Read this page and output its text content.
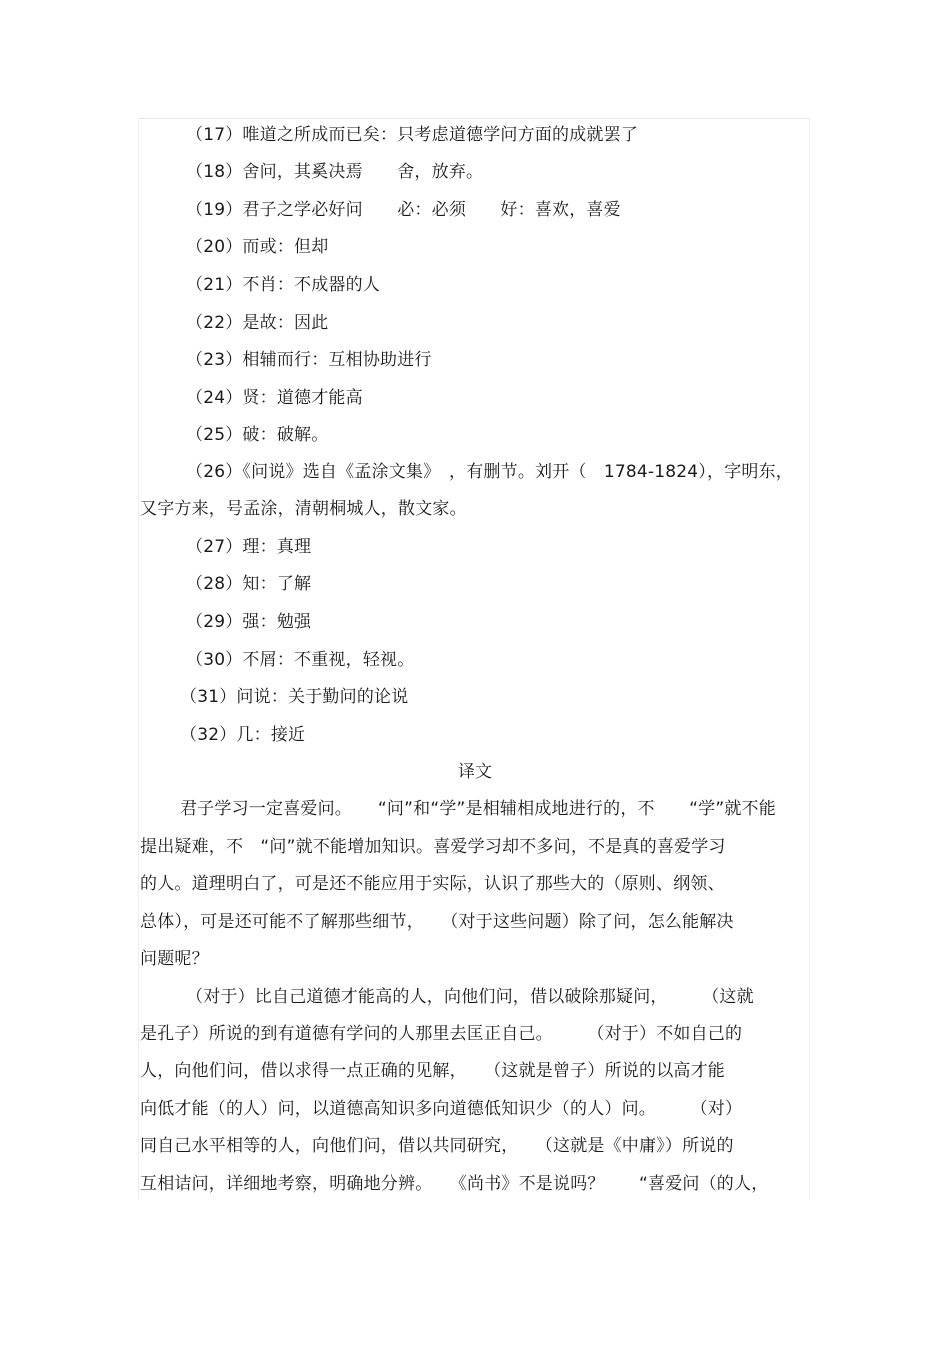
（17）唯道之所成而已矣：只考虑道德学问方面的成就罢了
（18）舍问，其奚决焉　　舍，放弃。
（19）君子之学必好问　　必：必须　　好：喜欢，喜爱
（20）而或：但却
（21）不肖：不成器的人
（22）是故：因此
（23）相辅而行：互相协助进行
（24）贤：道德才能高
（25）破：破解。
（26）《问说》选自《孟涂文集》　，有删节。刘开（　1784-1824），字明东，
又字方来，号孟涂，清朝桐城人，散文家。
（27）理：真理
（28）知：了解
（29）强：勉强
（30）不屑：不重视，轻视。
（31）问说：关于勤问的论说
（32）几：接近
译文
君子学习一定喜爱问。　　“问”和“学”是相辅相成地进行的，不　　“学”就不能
提出疑难，不　“问”就不能增加知识。喜爱学习却不多问，不是真的喜爱学习
的人。道理明白了，可是还不能应用于实际，认识了那些大的（原则、纲领、
总体），可是还可能不了解那些细节，　　（对于这些问题）除了问，怎么能解决
问题呢？
（对于）比自己道德才能高的人，向他们问，借以破除那疑问，　　　（这就
是孔子）所说的到有道德有学问的人那里去匡正自己。　　　（对于）不如自己的
人，向他们问，借以求得一点正确的见解，　　（这就是曾子）所说的以高才能
向低才能（的人）问，以道德高知识多向道德低知识少（的人）问。　　　（对）
同自己水平相等的人，向他们问，借以共同研究，　　（这就是《中庸》）所说的
互相诘问，详细地考察，明确地分辨。　　《尚书》不是说吗？　　“喜爱问（的人，
